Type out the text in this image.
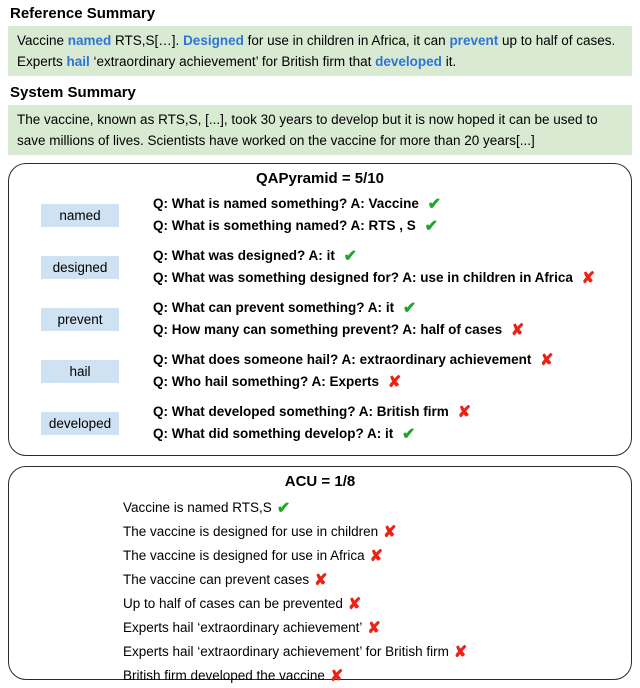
Reference Summary
Vaccine named RTS,S[…]. Designed for use in children in Africa, it can prevent up to half of cases. Experts hail ‘extraordinary achievement’ for British firm that developed it.
System Summary
The vaccine, known as RTS,S, [...], took 30 years to develop but it is now hoped it can be used to save millions of lives. Scientists have worked on the vaccine for more than 20 years[...]
QAPyramid = 5/10
named
Q: What is named something? A: Vaccine ✔
Q: What is something named? A: RTS , S ✔
designed
Q: What was designed? A: it ✔
Q: What was something designed for? A: use in children in Africa ✘
prevent
Q: What can prevent something? A: it ✔
Q: How many can something prevent? A: half of cases ✘
hail
Q: What does someone hail? A: extraordinary achievement ✘
Q: Who hail something? A: Experts ✘
developed
Q: What developed something? A: British firm ✘
Q: What did something develop? A: it ✔
ACU = 1/8
Vaccine is named RTS,S ✔
The vaccine is designed for use in children ✘
The vaccine is designed for use in Africa ✘
The vaccine can prevent cases ✘
Up to half of cases can be prevented ✘
Experts hail ‘extraordinary achievement’ ✘
Experts hail ‘extraordinary achievement’ for British firm ✘
British firm developed the vaccine ✘
